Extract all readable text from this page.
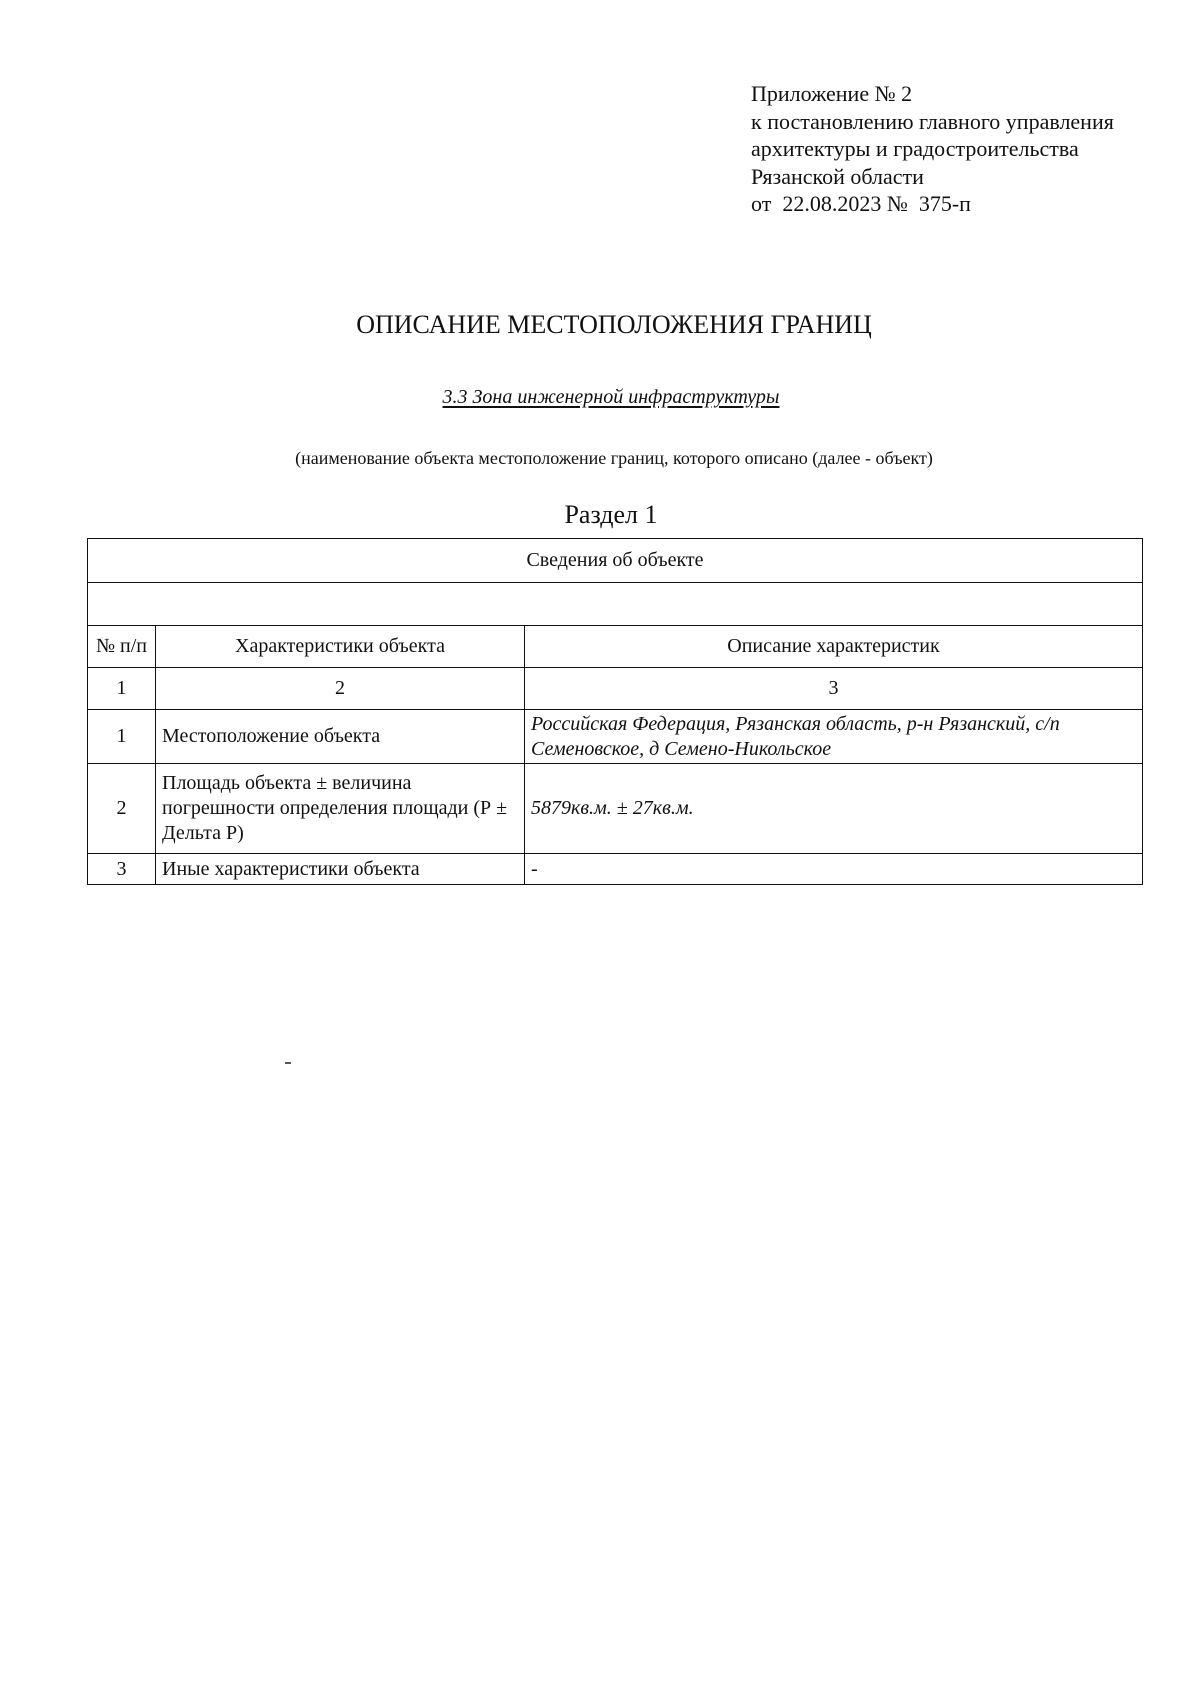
Приложение № 2
к постановлению главного управления
архитектуры и градостроительства
Рязанской области
от  22.08.2023 №  375-п
ОПИСАНИЕ МЕСТОПОЛОЖЕНИЯ ГРАНИЦ
3.3 Зона инженерной инфраструктуры
(наименование объекта местоположение границ, которого описано (далее - объект)
Раздел 1
Сведения об объекте		

№ п/п	Характеристики объекта	Описание характеристик
1	2	3
1	Местоположение объекта	Российская Федерация, Рязанская область, р-н Рязанский, с/п Семеновское, д Семено-Никольское
2	Площадь объекта ± величина погрешности определения площади (Р ± Дельта Р)	5879кв.м. ± 27кв.м.
3	Иные характеристики объекта	-
